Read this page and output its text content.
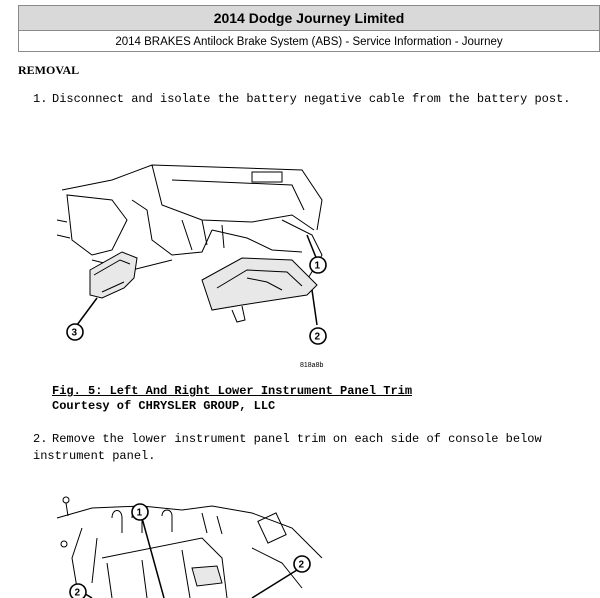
2014 Dodge Journey Limited
2014 BRAKES Antilock Brake System (ABS) - Service Information - Journey
REMOVAL
1. Disconnect and isolate the battery negative cable from the battery post.
1
2
3
818a8b
Fig. 5: Left And Right Lower Instrument Panel Trim
Courtesy of CHRYSLER GROUP, LLC
2. Remove the lower instrument panel trim on each side of console below instrument panel.
1
2
2
